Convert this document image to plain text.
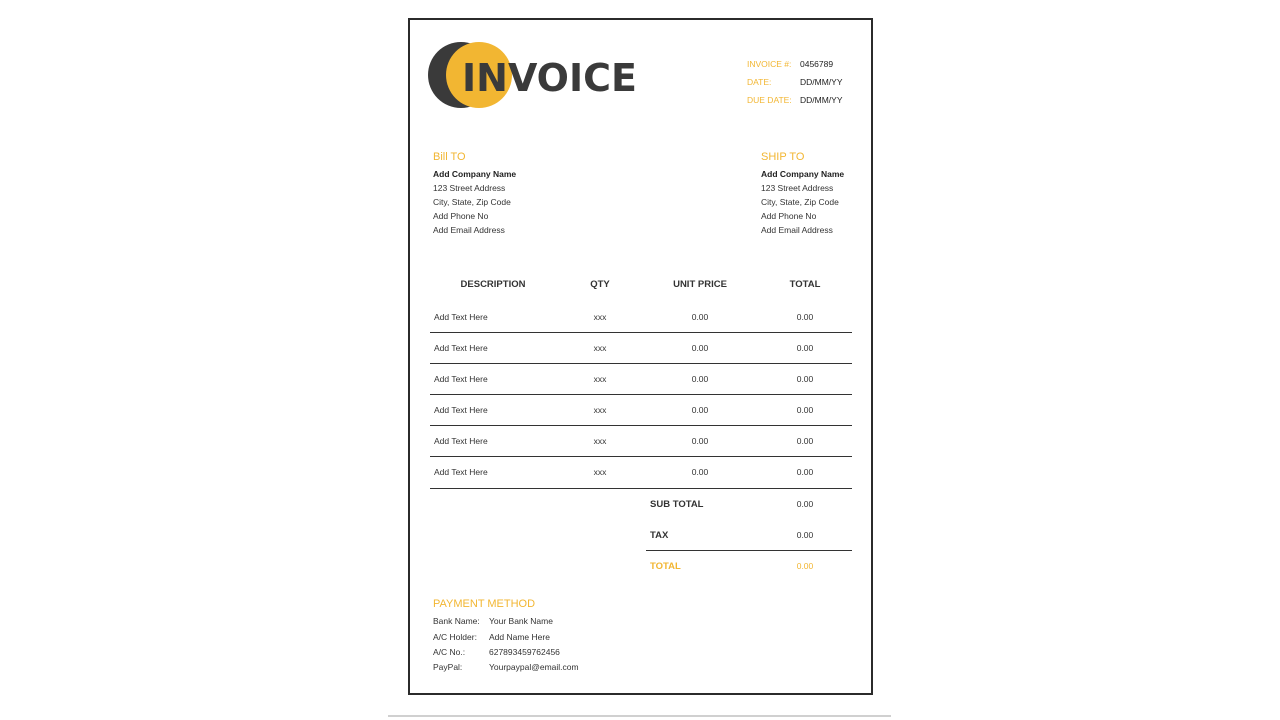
INVOICE	INVOICE #: 0456789
DATE:	DD/MM/YY
DUE DATE: DD/MM/YY
Bill TO
Add Company Name
123 Street Address
City, State, Zip Code
Add Phone No
Add Email Address
SHIP TO
Add Company Name
123 Street Address
City, State, Zip Code
Add Phone No
Add Email Address
DESCRIPTION	QTY	UNIT PRICE	TOTAL
Add Text Here	xxx	0.00	0.00
Add Text Here	xxx	0.00	0.00
Add Text Here	xxx	0.00	0.00
Add Text Here	xxx	0.00	0.00
Add Text Here	xxx	0.00	0.00
Add Text Here	xxx	0.00	0.00
SUB TOTAL	0.00
TAX	0.00
TOTAL	0.00
PAYMENT METHOD
Bank Name: Your Bank Name
A/C Holder: Add Name Here
A/C No.:	627893459762456
PayPal:	Yourpaypal@email.com
